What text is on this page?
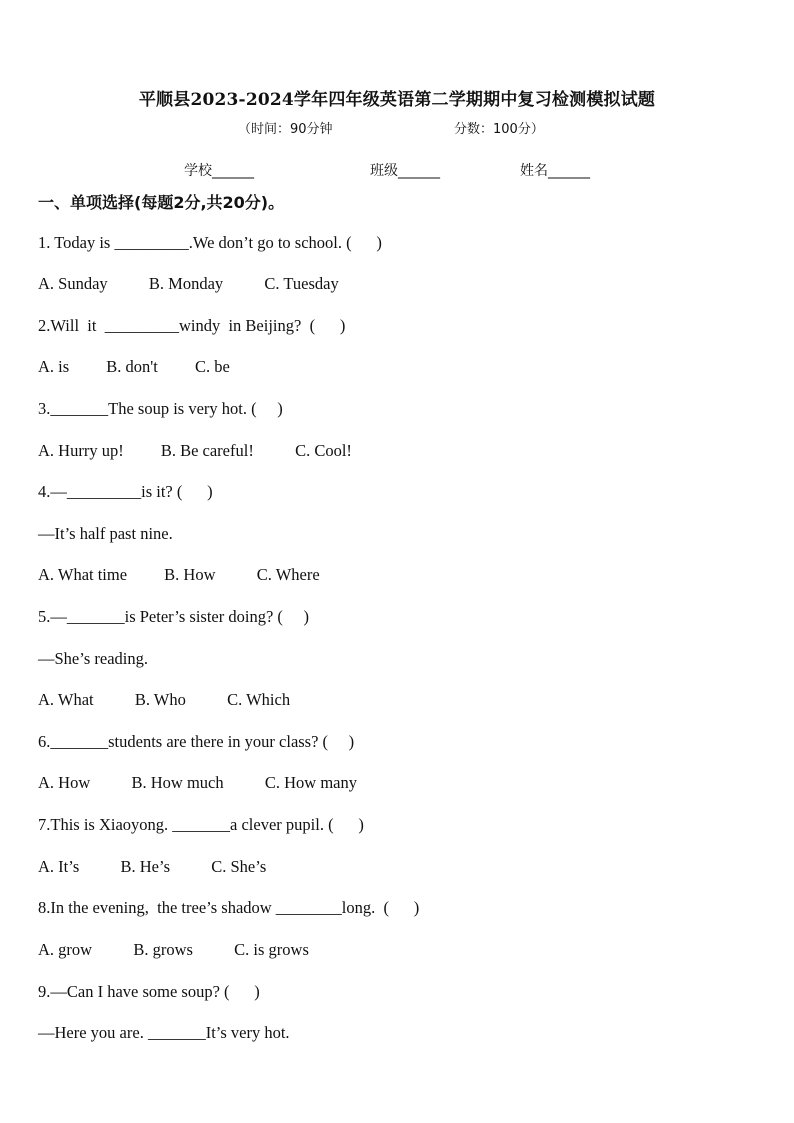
平顺县2023-2024学年四年级英语第二学期期中复习检测模拟试题
（时间：90分钟	分数：100分）
学校______	班级______	姓名______
一、单项选择(每题2分,共20分)。
1. Today is _________.We don’t go to school. (      )
A. Sunday          B. Monday          C. Tuesday
2.Will  it  _________windy  in Beijing?  (      )
A. is         B. don't         C. be
3._______The soup is very hot. (     )
A. Hurry up!         B. Be careful!          C. Cool!
4.—_________is it? (      )
—It’s half past nine.
A. What time         B. How          C. Where
5.—_______is Peter’s sister doing? (     )
—She’s reading.
A. What          B. Who          C. Which
6._______students are there in your class? (     )
A. How          B. How much          C. How many
7.This is Xiaoyong. _______a clever pupil. (      )
A. It’s          B. He’s          C. She’s
8.In the evening,  the tree’s shadow ________long.  (      )
A. grow          B. grows          C. is grows
9.—Can I have some soup? (      )
—Here you are. _______It’s very hot.
